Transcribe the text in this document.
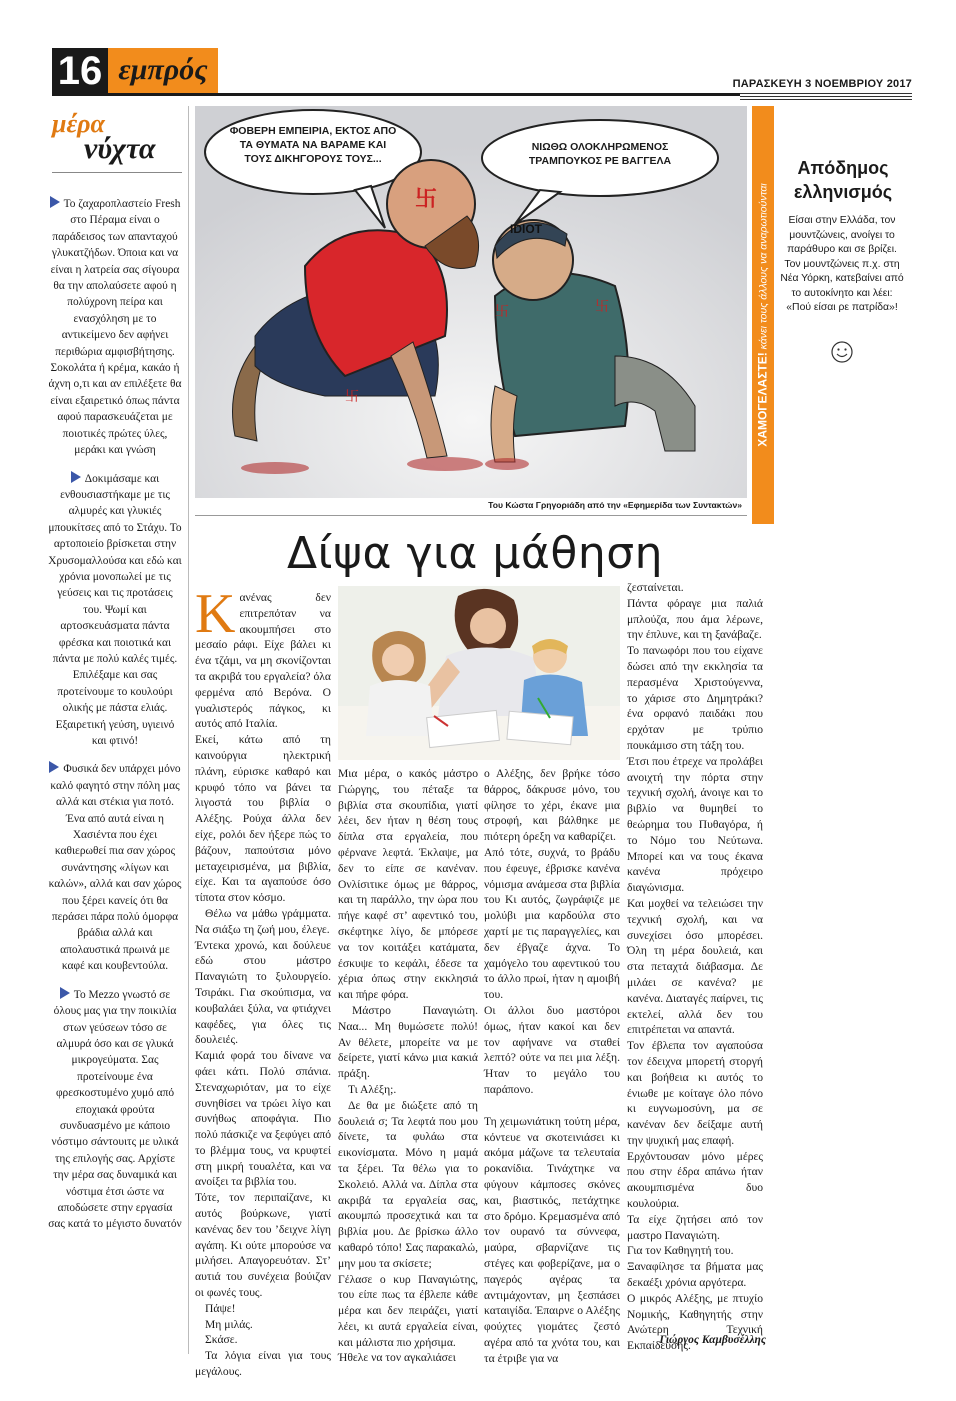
16 εμπρός	ΠΑΡΑΣΚΕΥΗ 3 ΝΟΕΜΒΡΙΟΥ 2017
μέρα
νύχτα

Το ζαχαροπλαστείο Fresh στο Πέραμα είναι ο παράδεισος των απανταχού γλυκατζήδων. Όποια και να είναι η λατρεία σας σίγουρα θα την απολαύσετε αφού η πολύχρονη πείρα και ενασχόληση με το αντικείμενο δεν αφήνει περιθώρια αμφισβήτησης. Σοκολάτα ή κρέμα, κακάο ή άχνη ο,τι και αν επιλέξετε θα είναι εξαιρετικό όπως πάντα αφού παρασκευάζεται με ποιοτικές πρώτες ύλες, μεράκι και γνώση

Δοκιμάσαμε και ενθουσιαστήκαμε με τις αλμυρές και γλυκιές μπουκίτσες από το Στάχυ. Το αρτοποιείο βρίσκεται στην Χρυσομαλλούσα και εδώ και χρόνια μονοπωλεί με τις γεύσεις και τις προτάσεις του. Ψωμί και αρτοσκευάσματα πάντα φρέσκα και ποιοτικά και πάντα με πολύ καλές τιμές. Επιλέξαμε και σας προτείνουμε το κουλούρι ολικής με πάστα ελιάς. Εξαιρετική γεύση, υγιεινό και φτινό!

Φυσικά δεν υπάρχει μόνο καλό φαγητό στην πόλη μας αλλά και στέκια για ποτό. Ένα από αυτά είναι η Χασιέντα που έχει καθιερωθεί πια σαν χώρος συνάντησης «λίγων και καλών», αλλά και σαν χώρος που ξέρει κανείς ότι θα περάσει πάρα πολύ όμορφα βράδια αλλά και απολαυστικά πρωινά με καφέ και κουβεντούλα.

Το Mezzo γνωστό σε όλους μας για την ποικιλία στων γεύσεων τόσο σε αλμυρά όσο και σε γλυκά μικρογεύματα. Σας προτείνουμε ένα φρεσκοστυμένο χυμό από εποχιακά φρούτα συνδυασμένο με κάποιο νόστιμο σάντουιτς με υλικά της επιλογής σας. Αρχίστε την μέρα σας δυναμικά και νόστιμα έτσι ώστε να αποδώσετε στην εργασία σας κατά το μέγιστο δυνατόν

卐
卐
IDIOT
卐	卐
ΦΟΒΕΡΗ ΕΜΠΕΙΡΙΑ, ΕΚΤΟΣ ΑΠΟ ΤΑ ΘΥΜΑΤΑ ΝΑ ΒΑΡΑΜΕ ΚΑΙ ΤΟΥΣ ΔΙΚΗΓΟΡΟΥΣ ΤΟΥΣ...
ΝΙΩΘΩ ΟΛΟΚΛΗΡΩΜΕΝΟΣ ΤΡΑΜΠΟΥΚΟΣ ΡΕ ΒΑΓΓΕΛΑ
Του Κώστα Γρηγοριάδη από την «Εφημερίδα των Συντακτών»
ΧΑΜΟΓΕΛΑΣΤΕ! κάνει τους άλλους να αναρωτιούνται
Απόδημος ελληνισμός
Είσαι στην Ελλάδα, τον μουντζώνεις, ανοίγει το παράθυρο και σε βρίζει. Τον μουντζώνεις π.χ. στη Νέα Υόρκη, κατεβαίνει από το αυτοκίνητο και λέει: «Πού είσαι ρε πατρίδα»!
Δίψα για μάθηση

Κανένας δεν επιτρεπόταν να ακουμπήσει στο μεσαίο ράφι. Είχε βάλει κι ένα τζάμι, να μη σκονίζονται τα ακριβά του εργαλεία? όλα φερμένα από Βερόνα. Ο γυαλιστερός πάγκος, κι αυτός από Ιταλία.

Εκεί, κάτω από τη καινούργια ηλεκτρική πλάνη, εύρισκε καθαρό και κρυφό τόπο να βάνει τα λιγοστά του βιβλία ο Αλέξης. Ρούχα άλλα δεν είχε, ρολόι δεν ήξερε πώς το βάζουν, παπούτσια μόνο μεταχειρισμένα, μα βιβλία, είχε. Και τα αγαπούσε όσο τίποτα στον κόσμο.

Θέλω να μάθω γράμματα. Να σιάξω τη ζωή μου, έλεγε.

Έντεκα χρονώ, και δούλευε εδώ στου μάστρο Παναγιώτη το ξυλουργείο. Τσιράκι. Για σκούπισμα, να κουβαλάει ξύλα, να φτιάχνει καφέδες, για όλες τις δουλειές.

Καμιά φορά του δίνανε να φάει κάτι. Πολύ σπάνια. Στεναχωριόταν, μα το είχε συνηθίσει να τρώει λίγο και συνήθως αποφάγια. Πιο πολύ πάσκιζε να ξεφύγει από το βλέμμα τους, να κρυφτεί στη μικρή τουαλέτα, και να ανοίξει τα βιβλία του.

Τότε, τον περιπαίζανε, κι αυτός βούρκωνε, γιατί κανένας δεν του ’δειχνε λίγη αγάπη. Κι ούτε μπορούσε να μιλήσει. Απαγορευόταν. Στ’ αυτιά του συνέχεια βούιζαν οι φωνές τους.

Πάψε!

Μη μιλάς.

Σκάσε.

Τα λόγια είναι για τους μεγάλους.

Μια μέρα, ο κακός μάστρο Γιώργης, του πέταξε τα βιβλία στα σκουπίδια, γιατί λέει, δεν ήταν η θέση τους δίπλα στα εργαλεία, που φέρνανε λεφτά. Έκλαψε, μα δεν το είπε σε κανέναν. Ονλίσιτικε όμως με θάρρος, και τη παράλλο, την ώρα που πήγε καφέ στ’ αφεντικό του, σκέφτηκε λίγο, δε μπόρεσε να τον κοιτάξει κατάματα, έσκυψε το κεφάλι, έδεσε τα χέρια όπως στην εκκλησιά και πήρε φόρα.

Μάστρο Παναγιώτη. Ναα... Μη θυμώσετε πολύ! Αν θέλετε, μπορείτε να με δείρετε, γιατί κάνω μια κακιά πράξη.

Τι Αλέξη;.

Δε θα με διώξετε από τη δουλειά σ; Τα λεφτά που μου δίνετε, τα φυλάω στα εικονίσματα. Μόνο η μαμά τα ξέρει. Τα θέλω για το Σκολειό. Αλλά να. Δίπλα στα ακριβά τα εργαλεία σας, ακουμπώ προσεχτικά και τα βιβλία μου. Δε βρίσκω άλλο καθαρό τόπο! Σας παρακαλώ, μην μου τα σκίσετε;

Γέλασε ο κυρ Παναγιώτης, του είπε πως τα έβλεπε κάθε μέρα και δεν πειράζει, γιατί λέει, κι αυτά εργαλεία είναι, και μάλιστα πιο χρήσιμα.

Ήθελε να τον αγκαλιάσει

ο Αλέξης, δεν βρήκε τόσο θάρρος, δάκρυσε μόνο, του φίλησε το χέρι, έκανε μια στροφή, και βάλθηκε με πιότερη όρεξη να καθαρίζει.

Από τότε, συχνά, το βράδυ που έφευγε, έβρισκε κανένα νόμισμα ανάμεσα στα βιβλία του Κι αυτός, ζωγράφιζε με μολύβι μια καρδούλα στο χαρτί με τις παραγγελίες, και δεν έβγαζε άχνα. Το χαμόγελο του αφεντικού του το άλλο πρωί, ήταν η αμοιβή του.

Οι άλλοι δυο μαστόροι όμως, ήταν κακοί και δεν τον αφήνανε να σταθεί λεπτό? ούτε να πει μια λέξη. Ήταν το μεγάλο του παράπονο.

Τη χειμωνιάτικη τούτη μέρα, κόντευε να σκοτεινιάσει κι ακόμα μάζωνε τα τελευταία ροκανίδια. Τινάχτηκε να φύγουν κάμποσες σκόνες και, βιαστικός, πετάχτηκε στο δρόμο. Κρεμασμένα από τον ουρανό τα σύννεφα, μαύρα, σβαρνίζανε τις στέγες και φοβερίζανε, μα ο παγερός αγέρας τα αντιμάχονταν, μη ξεσπάσει καταιγίδα. Έπαιρνε ο Αλέξης φούχτες γιομάτες ζεστό αγέρα από τα χνότα του, και τα έτριβε για να

ζεσταίνεται.

Πάντα φόραγε μια παλιά μπλούζα, που άμα λέρωνε, την έπλυνε, και τη ξανάβαζε.

Το πανωφόρι που του είχανε δώσει από την εκκλησία τα περασμένα Χριστούγεννα, το χάρισε στο Δημητράκι? ένα ορφανό παιδάκι που ερχόταν με τρύπιο πουκάμισο στη τάξη του.

Έτσι που έτρεχε να προλάβει ανοιχτή την πόρτα στην τεχνική σχολή, άνοιγε και το βιβλίο να θυμηθεί το θεώρημα του Πυθαγόρα, ή το Νόμο του Νεύτωνα. Μπορεί και να τους έκανα κανένα πρόχειρο διαγώνισμα.

Και μοχθεί να τελειώσει την τεχνική σχολή, και να συνεχίσει όσο μπορέσει. Όλη τη μέρα δουλειά, και στα πεταχτά διάβασμα. Δε μιλάει σε κανένα? με κανένα. Διαταγές παίρνει, τις εκτελεί, αλλά δεν του επιτρέπεται να απαντά.

Τον έβλεπα τον αγαπούσα τον έδειχνα μπορετή στοργή και βοήθεια κι αυτός το ένιωθε με κοίταγε όλο πόνο κι ευγνωμοσύνη, μα σε κανέναν δεν δείξαμε αυτή την ψυχική μας επαφή.

Ερχόντουσαν μόνο μέρες που στην έδρα απάνω ήταν ακουμπισμένα δυο κουλούρια.

Τα είχε ζητήσει από τον μαστρο Παναγιώτη.

Για τον Καθηγητή του.

Ξαναφίλησε τα βήματα μας δεκαέξι χρόνια αργότερα.

Ο μικρός Αλέξης, με πτυχίο Νομικής, Καθηγητής στην Ανώτερη Τεχνική Εκπαίδευσης.

Γιώργος Καμβυσέλλης
